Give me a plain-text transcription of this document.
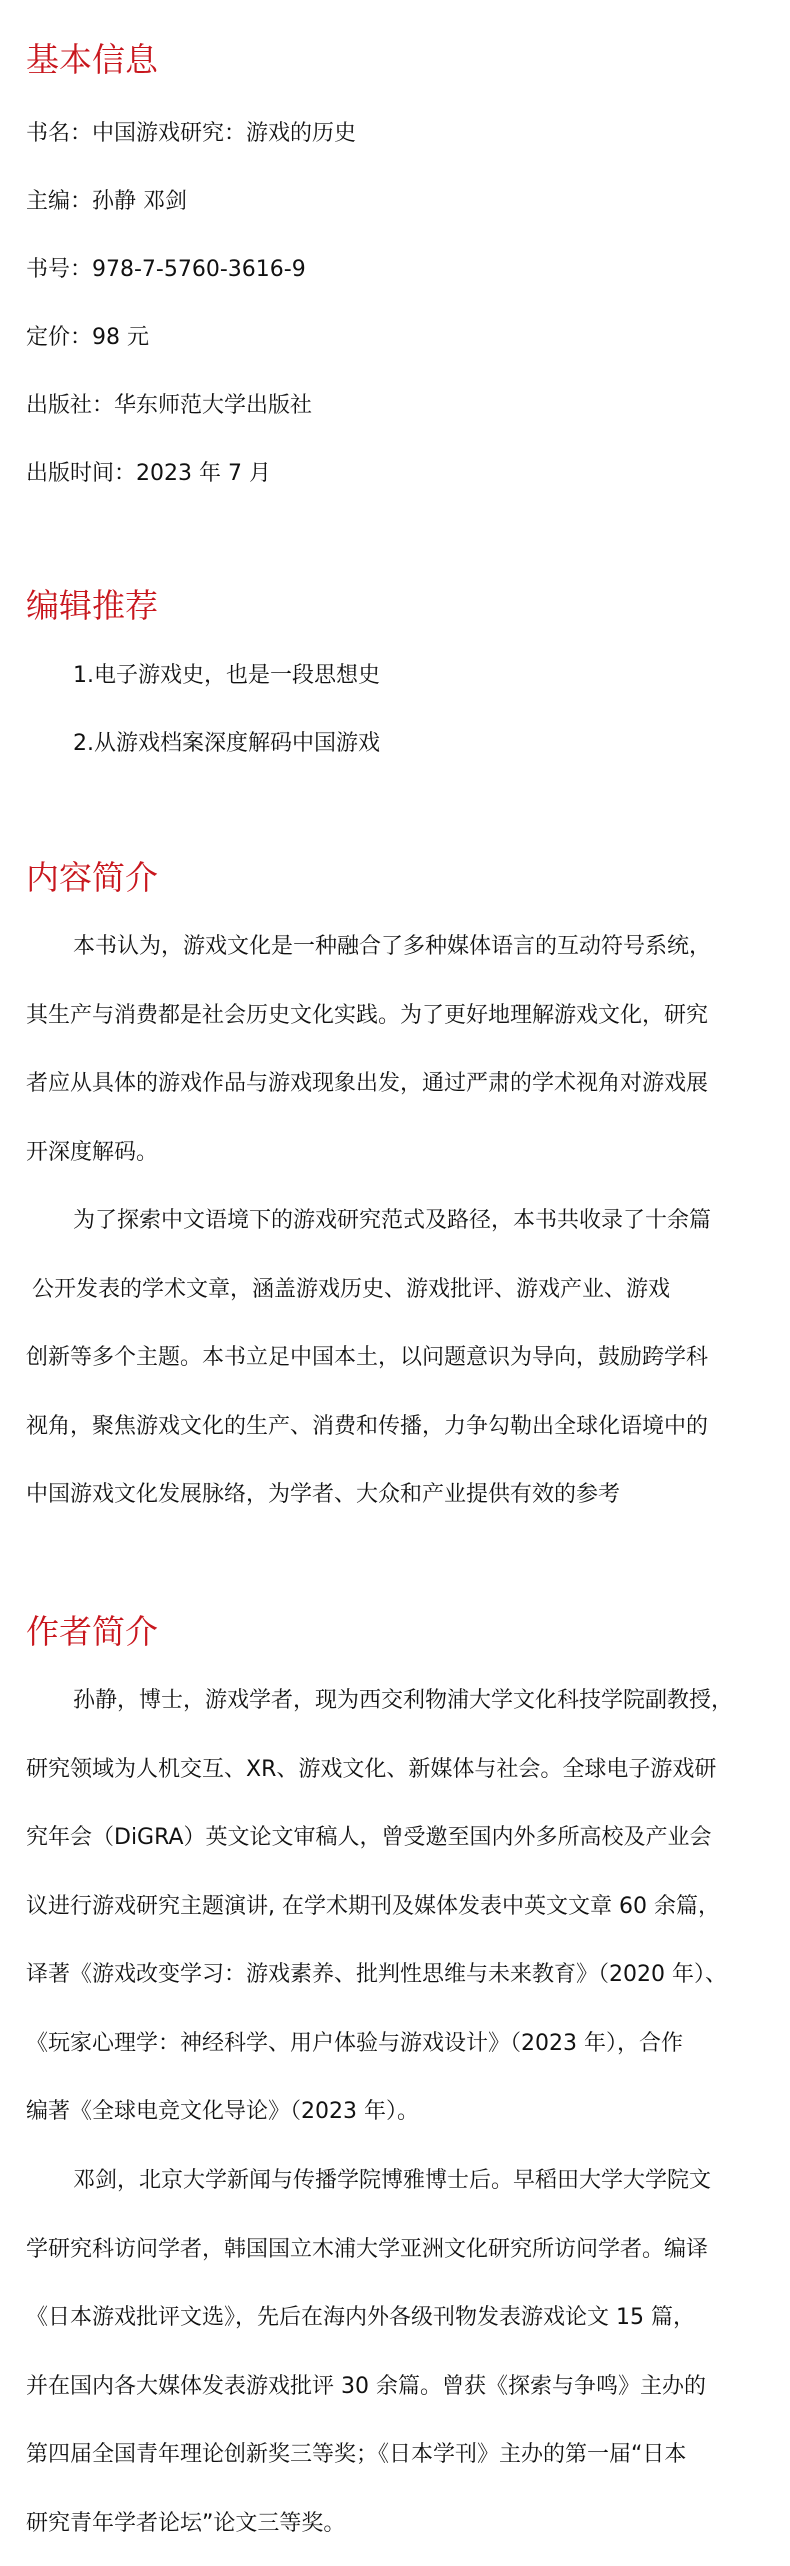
基本信息

书名：中国游戏研究：游戏的历史

主编：孙静 邓剑

书号：978-7-5760-3616-9

定价：98 元

出版社：华东师范大学出版社

出版时间：2023 年 7 月

编辑推荐

1.电子游戏史，也是一段思想史

2.从游戏档案深度解码中国游戏

内容简介
本书认为，游戏文化是一种融合了多种媒体语言的互动符号系统，
其生产与消费都是社会历史文化实践。为了更好地理解游戏文化，研究
者应从具体的游戏作品与游戏现象出发，通过严肃的学术视角对游戏展
开深度解码。
为了探索中文语境下的游戏研究范式及路径，本书共收录了十余篇
公开发表的学术文章，涵盖游戏历史、游戏批评、游戏产业、游戏
创新等多个主题。本书立足中国本土，以问题意识为导向，鼓励跨学科
视角，聚焦游戏文化的生产、消费和传播，力争勾勒出全球化语境中的
中国游戏文化发展脉络，为学者、大众和产业提供有效的参考
作者简介
孙静，博士，游戏学者，现为西交利物浦大学文化科技学院副教授，
研究领域为人机交互、XR、游戏文化、新媒体与社会。全球电子游戏研
究年会（DiGRA）英文论文审稿人，曾受邀至国内外多所高校及产业会
议进行游戏研究主题演讲, 在学术期刊及媒体发表中英文文章 60 余篇，
译著《游戏改变学习：游戏素养、批判性思维与未来教育》（2020 年）、
《玩家心理学：神经科学、用户体验与游戏设计》（2023 年），合作
编著《全球电竞文化导论》（2023 年）。
邓剑，北京大学新闻与传播学院博雅博士后。早稻田大学大学院文
学研究科访问学者，韩国国立木浦大学亚洲文化研究所访问学者。编译
《日本游戏批评文选》，先后在海内外各级刊物发表游戏论文 15 篇，
并在国内各大媒体发表游戏批评 30 余篇。曾获《探索与争鸣》主办的
第四届全国青年理论创新奖三等奖；《日本学刊》主办的第一届“日本
研究青年学者论坛”论文三等奖。
